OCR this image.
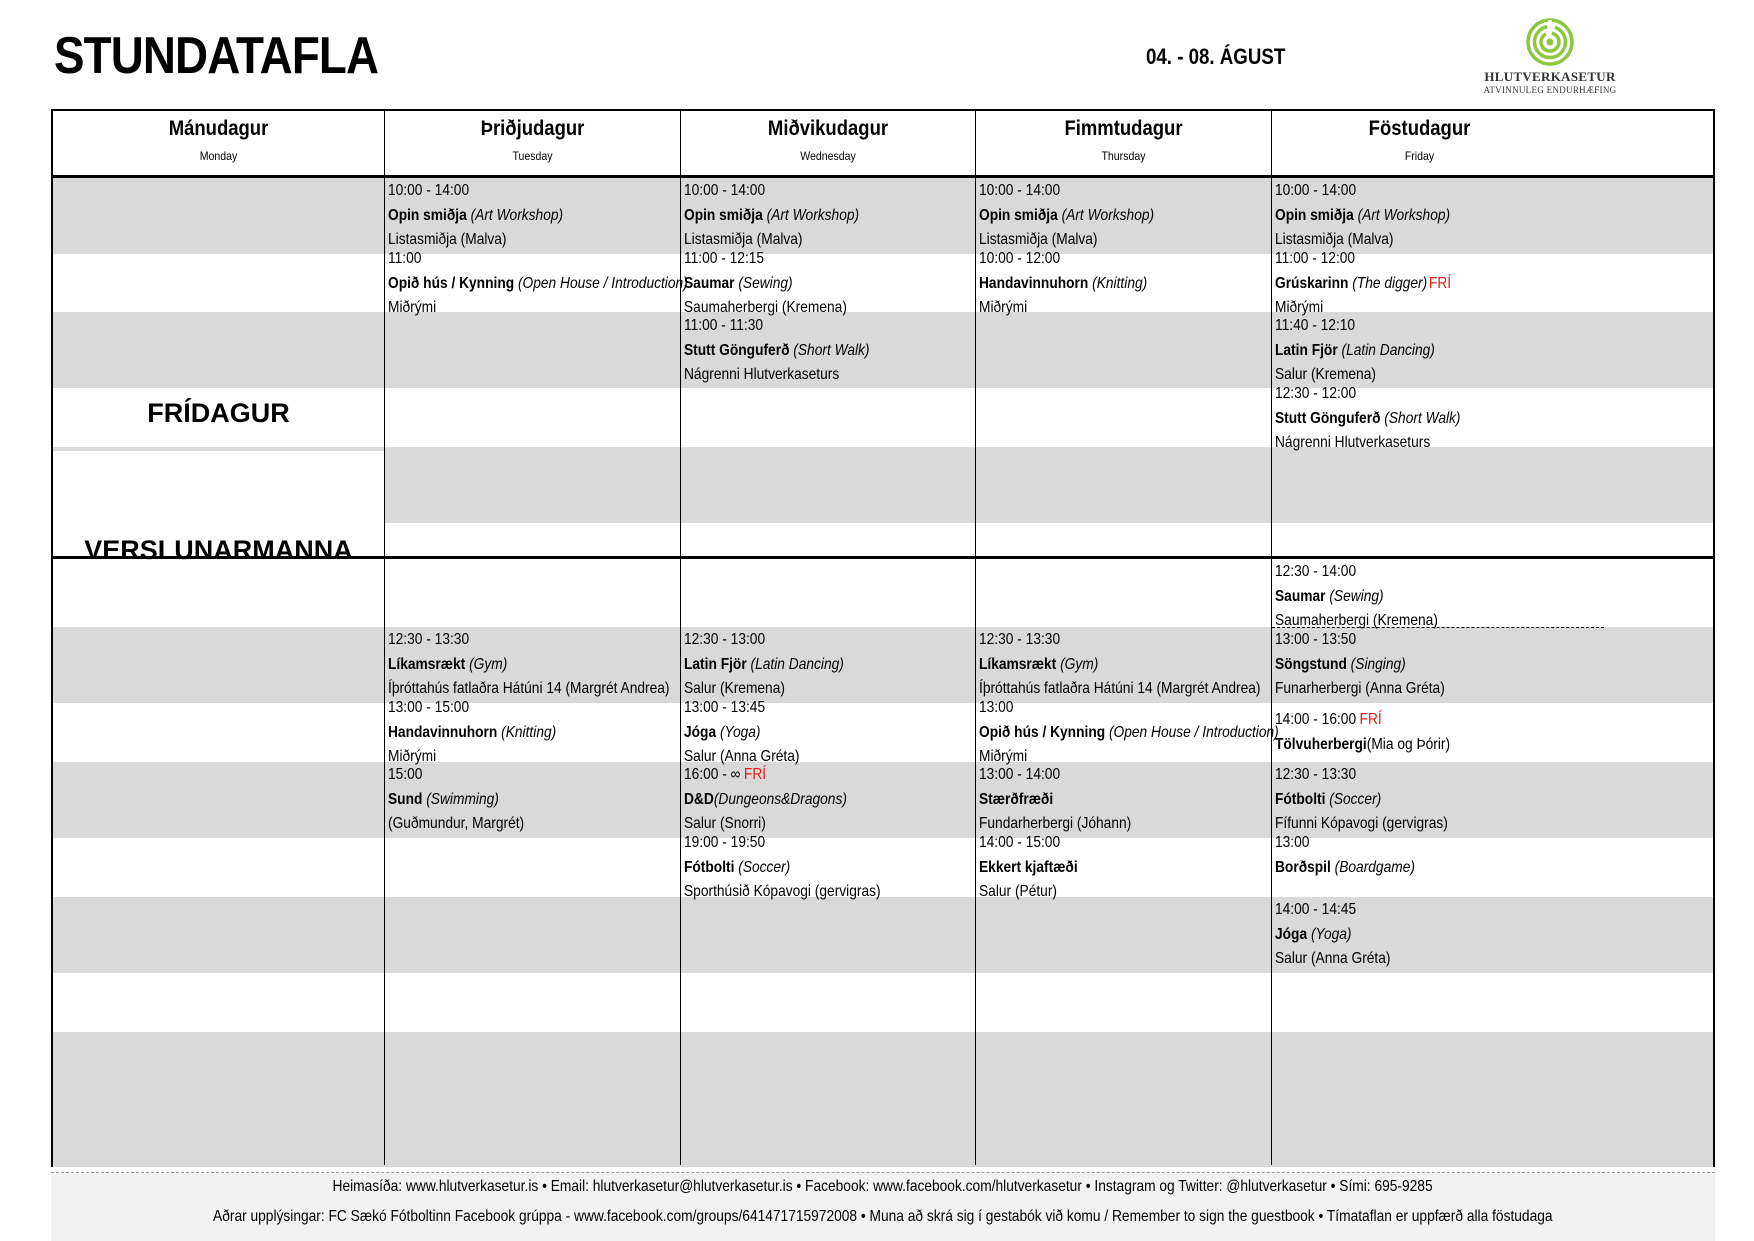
STUNDATAFLA	04. - 08. ÁGUST
HLUTVERKASETUR
ATVINNULEG ENDURHÆFING
FRÍDAGUR
VERSLUNARMANNA
Mánudagur
Monday
Þriðjudagur
Tuesday
Miðvikudagur
Wednesday
Fimmtudagur
Thursday
Föstudagur
Friday
10:00 - 14:00
Opin smiðja (Art Workshop)
Listasmiðja (Malva)
11:00
Opið hús / Kynning (Open House / Introduction)
Miðrými
12:30 - 13:30
Líkamsrækt (Gym)
Íþróttahús fatlaðra Hátúni 14 (Margrét Andrea)
13:00 - 15:00
Handavinnuhorn (Knitting)
Miðrými
15:00
Sund (Swimming)
(Guðmundur, Margrét)
10:00 - 14:00
Opin smiðja (Art Workshop)
Listasmiðja (Malva)
11:00 - 12:15
Saumar (Sewing)
Saumaherbergi (Kremena)
11:00 - 11:30
Stutt Gönguferð (Short Walk)
Nágrenni Hlutverkasetursᅠ
12:30 - 13:00
Latin Fjör (Latin Dancing)
Salur (Kremena)
13:00 - 13:45
Jóga (Yoga)
Salur (Anna Gréta)
16:00 - ∞ FRÍ
D&D(Dungeons&Dragons)
Salur (Snorri)
19:00 - 19:50
Fótbolti (Soccer)
Sporthúsið Kópavogi (gervigras)
10:00 - 14:00
Opin smiðja (Art Workshop)
Listasmiðja (Malva)
10:00 - 12:00
Handavinnuhorn (Knitting)
Miðrými
12:30 - 13:30
Líkamsrækt (Gym)
Íþróttahús fatlaðra Hátúni 14 (Margrét Andrea)
13:00
Opið hús / Kynning (Open House / Introduction)
Miðrými
13:00 - 14:00
Stærðfræði
Fundarherbergi (Jóhann)
14:00 - 15:00
Ekkert kjaftæði
Salur (Pétur)
10:00 - 14:00
Opin smiðja (Art Workshop)
Listasmiðja (Malva)
11:00 - 12:00
Grúskarinn (The digger) FRÍ
Miðrými
11:40 - 12:10
Latin Fjör (Latin Dancing)
Salur (Kremena)
12:30 - 12:00
Stutt Gönguferð (Short Walk)
Nágrenni Hlutverkaseturs
12:30 - 14:00
Saumar (Sewing)
Saumaherbergi (Kremena)
13:00 - 13:50
Söngstund (Singing)
Funarherbergi (Anna Gréta)
14:00 - 16:00 FRÍ
Tölvuherbergi(Mia og Þórir)
12:30 - 13:30
Fótbolti (Soccer)
Fífunni Kópavogi (gervigras)
13:00
Borðspil (Boardgame)
14:00 - 14:45
Jóga (Yoga)
Salur (Anna Gréta)
Heimasíða: www.hlutverkasetur.is • Email: hlutverkasetur@hlutverkasetur.is • Facebook: www.facebook.com/hlutverkasetur • Instagram og Twitter: @hlutverkasetur • Sími: 695-9285
Aðrar upplýsingar: FC Sækó Fótboltinn Facebook grúppa - www.facebook.com/groups/641471715972008 • Muna að skrá sig í gestabók við komu / Remember to sign the guestbook • Tímataflan er uppfærð alla föstudaga
